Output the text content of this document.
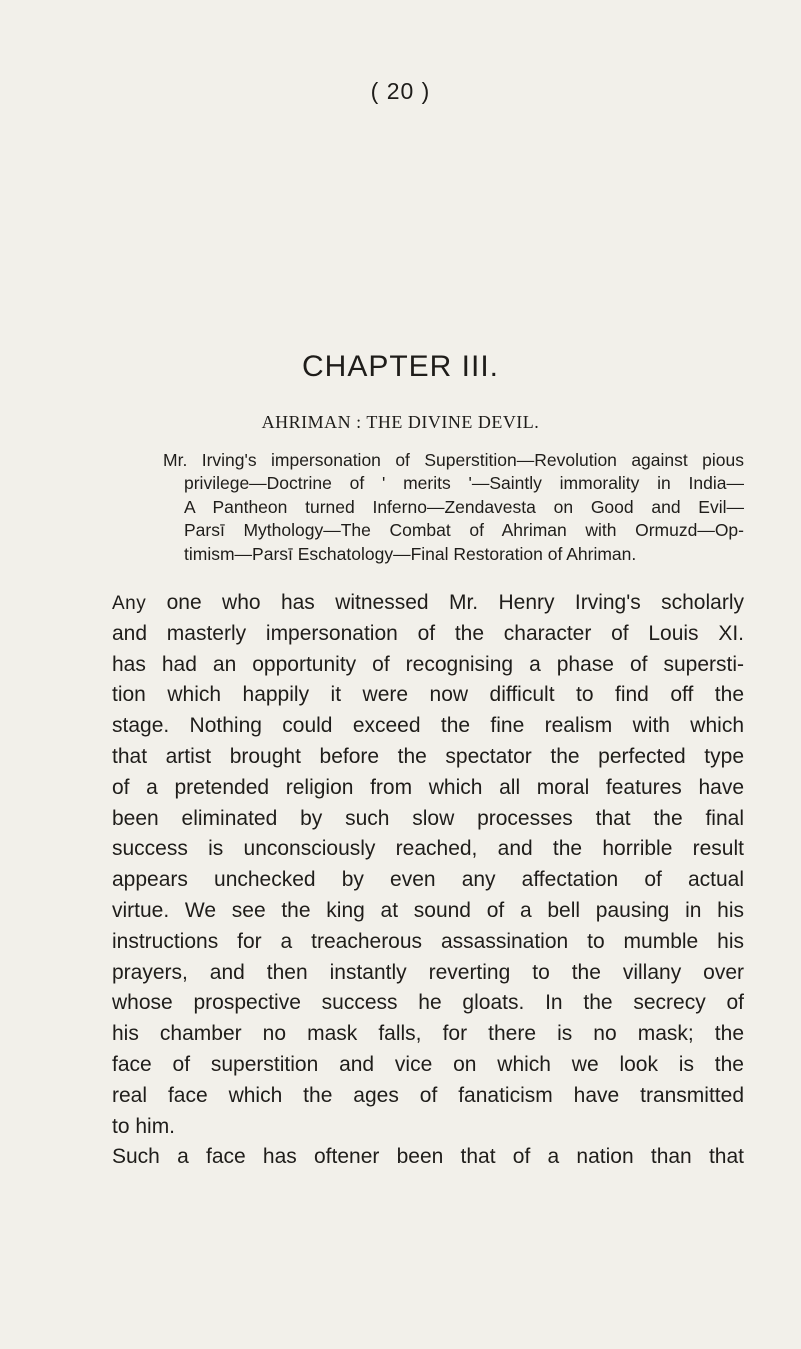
( 20 )
CHAPTER III.
AHRIMAN : THE DIVINE DEVIL.
Mr. Irving's impersonation of Superstition—Revolution against pious
privilege—Doctrine of ' merits '—Saintly immorality in India—
A Pantheon turned Inferno—Zendavesta on Good and Evil—
Parsī Mythology—The Combat of Ahriman with Ormuzd—Op-
timism—Parsī Eschatology—Final Restoration of Ahriman.
Any one who has witnessed Mr. Henry Irving's scholarly
and masterly impersonation of the character of Louis XI.
has had an opportunity of recognising a phase of supersti-
tion which happily it were now difficult to find off the
stage. Nothing could exceed the fine realism with which
that artist brought before the spectator the perfected type
of a pretended religion from which all moral features have
been eliminated by such slow processes that the final
success is unconsciously reached, and the horrible result
appears unchecked by even any affectation of actual
virtue. We see the king at sound of a bell pausing in his
instructions for a treacherous assassination to mumble his
prayers, and then instantly reverting to the villany over
whose prospective success he gloats. In the secrecy of
his chamber no mask falls, for there is no mask; the
face of superstition and vice on which we look is the
real face which the ages of fanaticism have transmitted
to him.
Such a face has oftener been that of a nation than that
